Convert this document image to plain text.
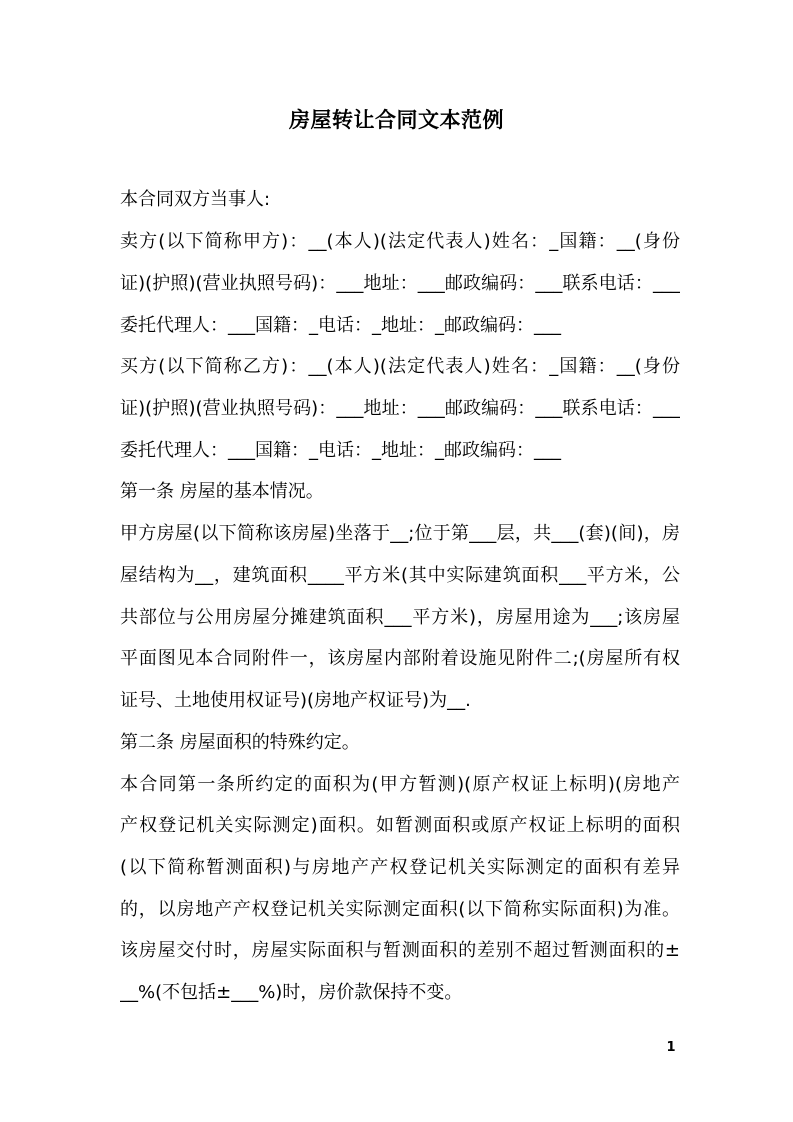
房屋转让合同文本范例
本合同双方当事人:
卖方(以下简称甲方)：__(本人)(法定代表人)姓名：_国籍：__(身份
证)(护照)(营业执照号码)：___地址：___邮政编码：___联系电话：___
委托代理人：___国籍：_电话：_地址：_邮政编码：___
买方(以下简称乙方)：__(本人)(法定代表人)姓名：_国籍：__(身份
证)(护照)(营业执照号码)：___地址：___邮政编码：___联系电话：___
委托代理人：___国籍：_电话：_地址：_邮政编码：___
第一条 房屋的基本情况。
甲方房屋(以下简称该房屋)坐落于__;位于第___层，共___(套)(间)，房
屋结构为__，建筑面积____平方米(其中实际建筑面积___平方米，公
共部位与公用房屋分摊建筑面积___平方米)，房屋用途为___;该房屋
平面图见本合同附件一，该房屋内部附着设施见附件二;(房屋所有权
证号、土地使用权证号)(房地产权证号)为__.
第二条 房屋面积的特殊约定。
本合同第一条所约定的面积为(甲方暂测)(原产权证上标明)(房地产
产权登记机关实际测定)面积。如暂测面积或原产权证上标明的面积
(以下简称暂测面积)与房地产产权登记机关实际测定的面积有差异
的，以房地产产权登记机关实际测定面积(以下简称实际面积)为准。
该房屋交付时，房屋实际面积与暂测面积的差别不超过暂测面积的±
__%(不包括±___%)时，房价款保持不变。
1
